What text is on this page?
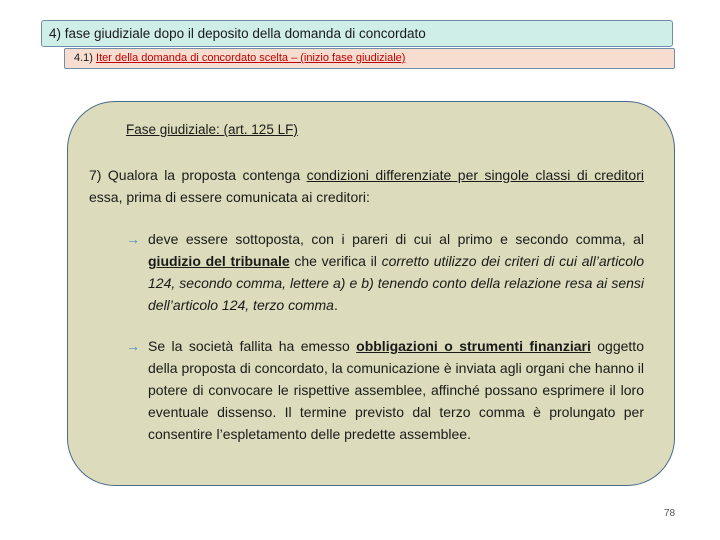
4) fase giudiziale dopo il deposito della domanda di concordato
4.1) Iter della domanda di concordato scelta – (inizio fase giudiziale)
Fase giudiziale: (art. 125 LF)
7) Qualora la proposta contenga condizioni differenziate per singole classi di creditori essa, prima di essere comunicata ai creditori:
→ deve essere sottoposta, con i pareri di cui al primo e secondo comma, al giudizio del tribunale che verifica il corretto utilizzo dei criteri di cui all’articolo 124, secondo comma, lettere a) e b) tenendo conto della relazione resa ai sensi dell’articolo 124, terzo comma.
→ Se la società fallita ha emesso obbligazioni o strumenti finanziari oggetto della proposta di concordato, la comunicazione è inviata agli organi che hanno il potere di convocare le rispettive assemblee, affinché possano esprimere il loro eventuale dissenso. Il termine previsto dal terzo comma è prolungato per consentire l’espletamento delle predette assemblee.
78
